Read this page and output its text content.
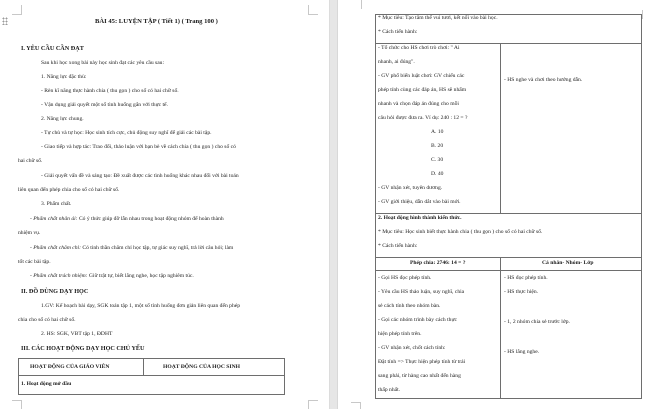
BÀI 45: LUYỆN TẬP ( Tiết 1) ( Trang 100 )
I. YÊU CẦU CẦN ĐẠT
Sau khi học xong bài này học sinh đạt các yêu cầu sau:
1. Năng lực đặc thù:
- Rèn kĩ năng thực hành chia ( thu gọn ) cho số có hai chữ số.
- Vận dụng giải quyết một số tình huống gắn với thực tế.
2. Năng lực chung.
- Tự chủ và tự học: Học sinh tích cực, chủ động suy nghĩ để giải các bài tập.
- Giao tiếp và hợp tác: Trao đổi, thảo luận với bạn bè về cách chia ( thu gọn ) cho số có
hai chữ số.
- Giải quyết vấn đề và sáng tạo: Đề xuất được các tình huống khác nhau đối với bài toán
liên quan đến phép chia cho số có hai chữ số.
3. Phẩm chất.
- Phẩm chất nhân ái: Có ý thức giúp đỡ lẫn nhau trong hoạt động nhóm để hoàn thành
nhiệm vụ.
- Phẩm chất chăm chỉ: Có tinh thần chăm chỉ học tập, tự giác suy nghĩ, trả lời câu hỏi; làm
tốt các bài tập.
- Phẩm chất trách nhiệm: Giữ trật tự, biết lắng nghe, học tập nghiêm túc.
II. ĐỒ DÙNG DẠY HỌC
1.GV: Kế hoạch bài dạy, SGK toán tập 1, một số tình huống đơn giản liên quan đến phép
chia cho số có hai chữ số.
2. HS: SGK, VBT tập 1, ĐDHT
III. CÁC HOẠT ĐỘNG DẠY HỌC CHỦ YẾU
HOẠT ĐỘNG CỦA GIÁO VIÊN	HOẠT ĐỘNG CỦA HỌC SINH
1. Hoạt động mở đầu
* Mục tiêu: Tạo tâm thế vui tươi, kết nối vào bài học.
* Cách tiến hành:
- Tổ chức cho HS chơi trò chơi: " Ai
nhanh, ai đúng".
- GV phổ biến luật chơi: GV chiếu các
phép tính cùng các đáp án, HS sẽ nhẩm
nhanh và chọn đáp án đúng cho mỗi
câu hỏi được đưa ra. Ví dụ: 240 : 12 = ?
A. 10
B. 20
C. 30
D. 40
- GV nhận xét, tuyên dương.
- GV giới thiệu, dẫn dắt vào bài mới.
- HS nghe và chơi theo hướng dẫn.
2. Hoạt động hình thành kiến thức.
* Mục tiêu: Học sinh biết thực hành chia ( thu gọn ) cho số có hai chữ số.
* Cách tiến hành:
Phép chia: 2746: 14 = ?	Cá nhân- Nhóm- Lớp
- Gọi HS đọc phép tính.
- Yêu cầu HS thảo luận, suy nghĩ, chia
sẻ cách tính theo nhóm bàn.
- Gọi các nhóm trình bày cách thực
hiện phép tính trên.
- GV nhận xét, chốt cách tính:
Đặt tính => Thực hiện phép tính từ trái
sang phải, từ hàng cao nhất đến hàng
thấp nhất.
- HS đọc phép tính.
- HS thực hiện.
- 1, 2 nhóm chia sẻ trước lớp.
- HS lắng nghe.
